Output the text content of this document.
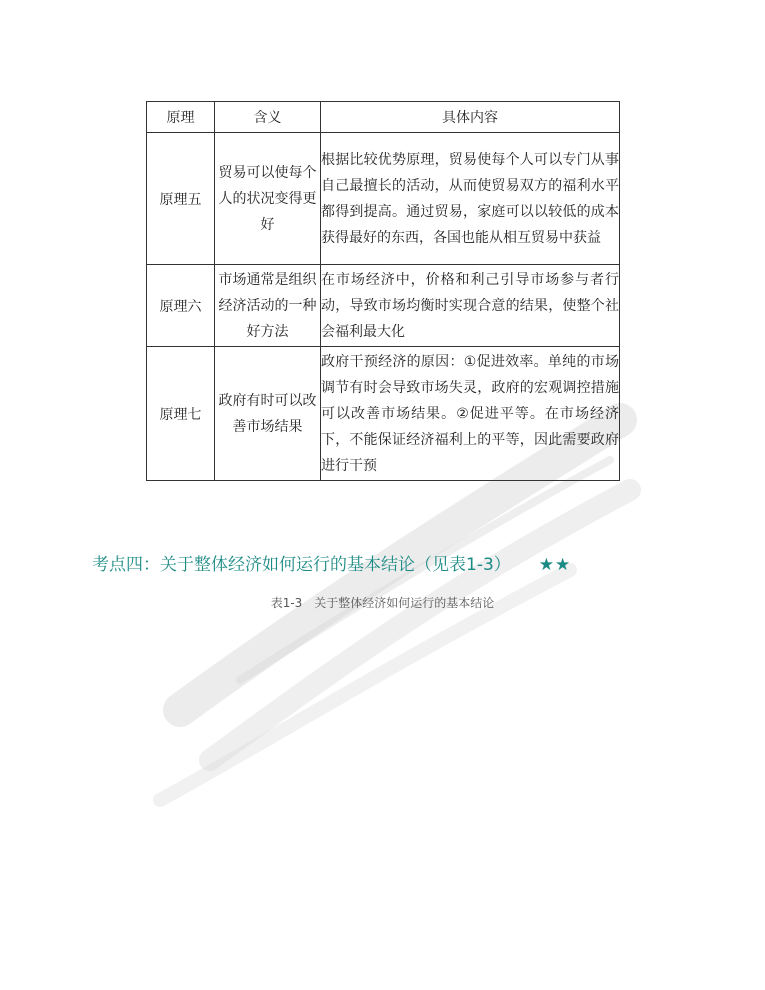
原理	含义	具体内容
原理五	贸易可以使每个人的状况变得更好	根据比较优势原理，贸易使每个人可以专门从事自己最擅长的活动，从而使贸易双方的福利水平都得到提高。通过贸易，家庭可以以较低的成本获得最好的东西，各国也能从相互贸易中获益
原理六	市场通常是组织经济活动的一种好方法	在市场经济中，价格和利己引导市场参与者行动，导致市场均衡时实现合意的结果，使整个社会福利最大化
原理七	政府有时可以改善市场结果	政府干预经济的原因：①促进效率。单纯的市场调节有时会导致市场失灵，政府的宏观调控措施可以改善市场结果。②促进平等。在市场经济下，不能保证经济福利上的平等，因此需要政府进行干预
考点四：关于整体经济如何运行的基本结论（见表1-3） ★★

表1-3　关于整体经济如何运行的基本结论
